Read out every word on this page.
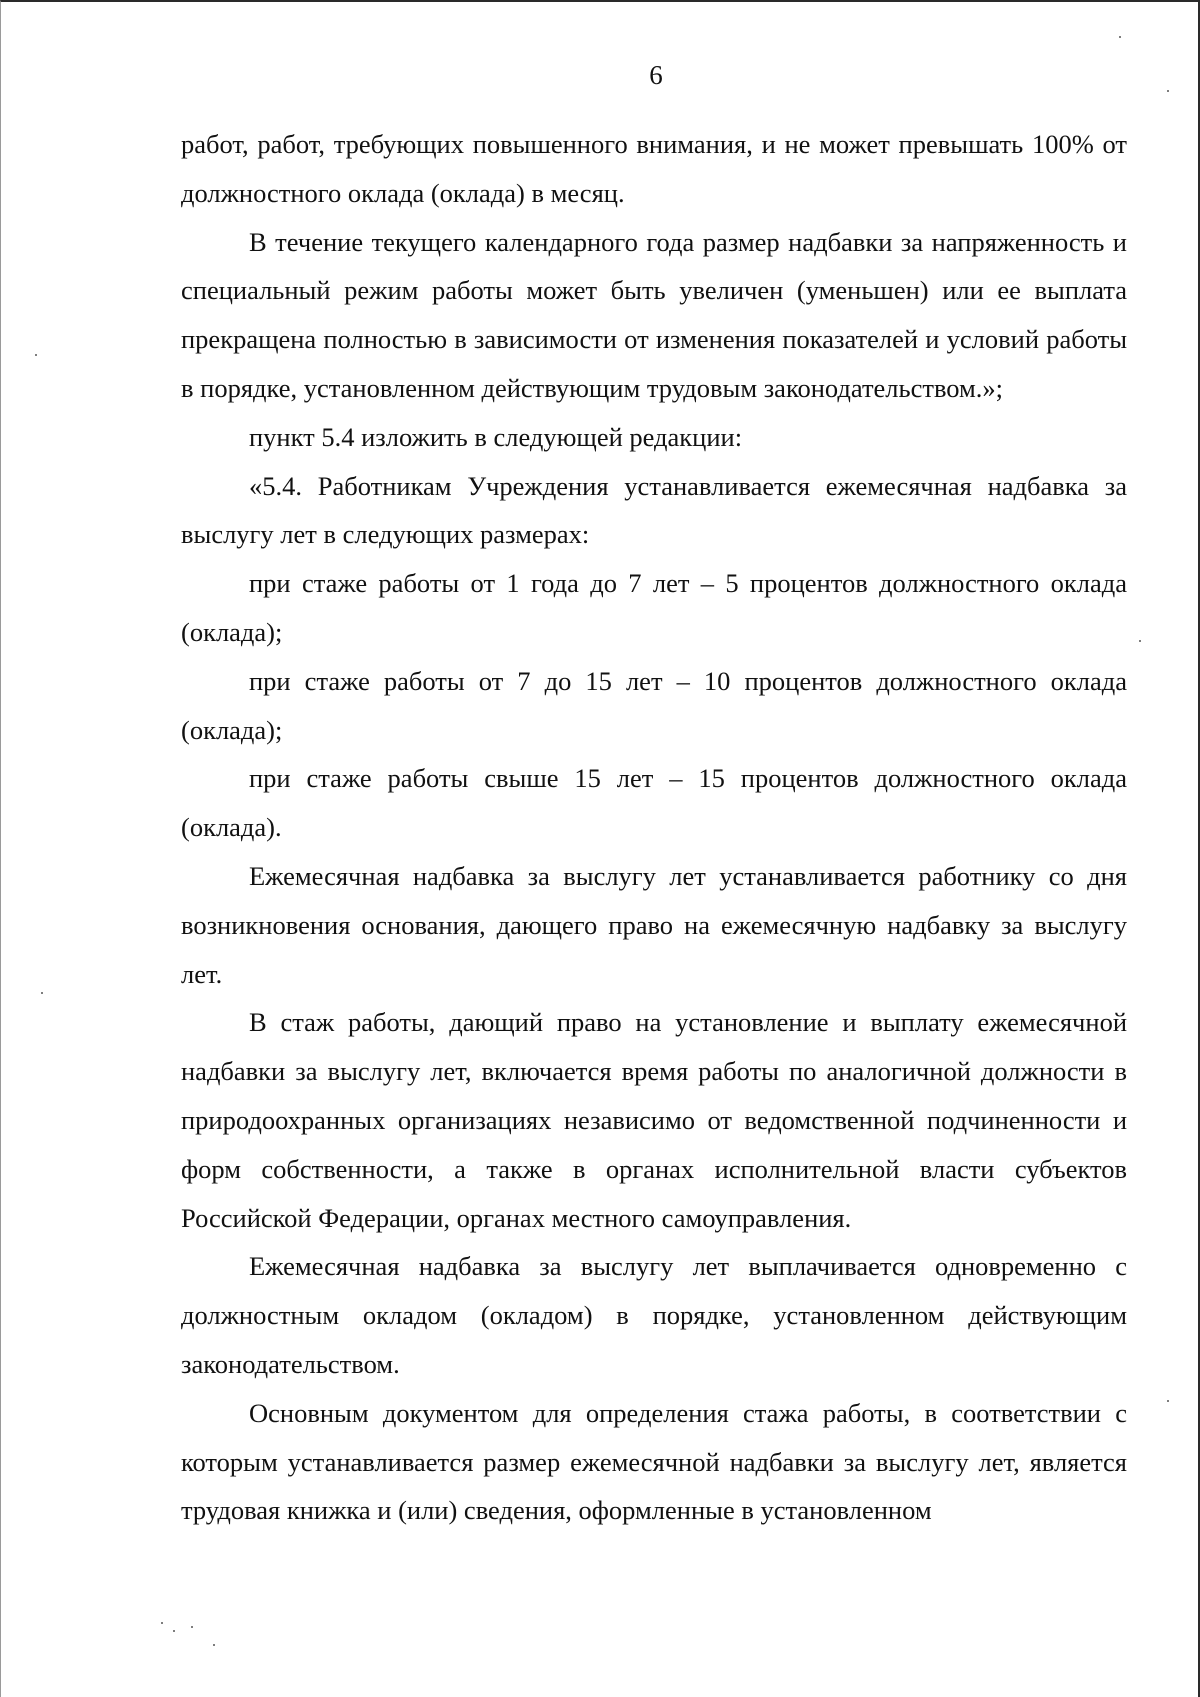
6

работ, работ, требующих повышенного внимания, и не может превышать 100% от должностного оклада (оклада) в месяц.

В течение текущего календарного года размер надбавки за напряженность и специальный режим работы может быть увеличен (уменьшен) или ее выплата прекращена полностью в зависимости от изменения показателей и условий работы в порядке, установленном действующим трудовым законодательством.»;

пункт 5.4 изложить в следующей редакции:

«5.4. Работникам Учреждения устанавливается ежемесячная надбавка за выслугу лет в следующих размерах:

при стаже работы от 1 года до 7 лет – 5 процентов должностного оклада (оклада);

при стаже работы от 7 до 15 лет – 10 процентов должностного оклада (оклада);

при стаже работы свыше 15 лет – 15 процентов должностного оклада (оклада).

Ежемесячная надбавка за выслугу лет устанавливается работнику со дня возникновения основания, дающего право на ежемесячную надбавку за выслугу лет.

В стаж работы, дающий право на установление и выплату ежемесячной надбавки за выслугу лет, включается время работы по аналогичной должности в природоохранных организациях независимо от ведомственной подчиненности и форм собственности, а также в органах исполнительной власти субъектов Российской Федерации, органах местного самоуправления.

Ежемесячная надбавка за выслугу лет выплачивается одновременно с должностным окладом (окладом) в порядке, установленном действующим законодательством.

Основным документом для определения стажа работы, в соответствии с которым устанавливается размер ежемесячной надбавки за выслугу лет, является трудовая книжка и (или) сведения, оформленные в установленном
